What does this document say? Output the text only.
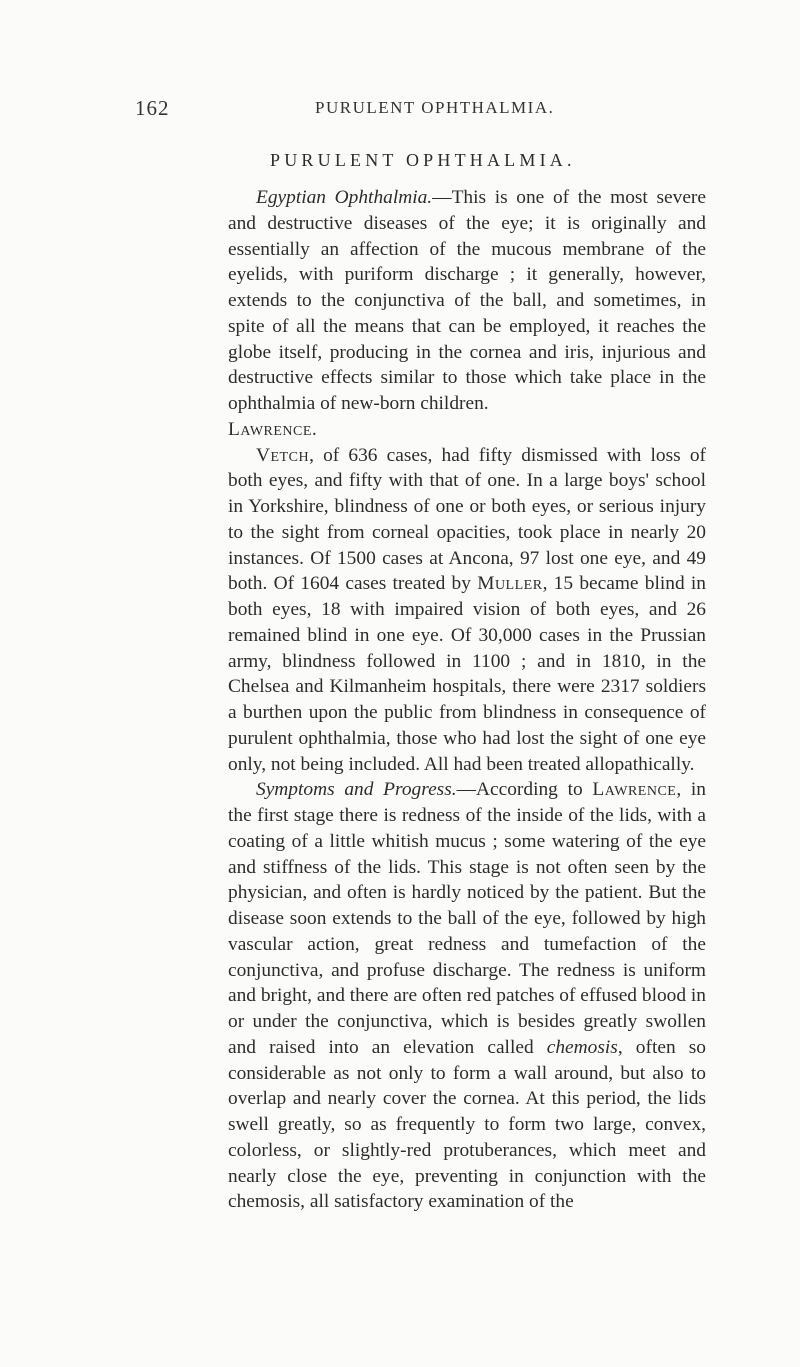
162	PURULENT OPHTHALMIA.
PURULENT OPHTHALMIA.

Egyptian Ophthalmia.—This is one of the most severe and destructive diseases of the eye; it is originally and essentially an affection of the mucous membrane of the eyelids, with puriform discharge ; it generally, however, extends to the conjunctiva of the ball, and sometimes, in spite of all the means that can be employed, it reaches the globe itself, producing in the cornea and iris, injurious and destructive effects similar to those which take place in the ophthalmia of new-born children.

Lawrence.

Vetch, of 636 cases, had fifty dismissed with loss of both eyes, and fifty with that of one. In a large boys' school in Yorkshire, blindness of one or both eyes, or serious injury to the sight from corneal opacities, took place in nearly 20 instances. Of 1500 cases at Ancona, 97 lost one eye, and 49 both. Of 1604 cases treated by Muller, 15 became blind in both eyes, 18 with impaired vision of both eyes, and 26 remained blind in one eye. Of 30,000 cases in the Prussian army, blindness followed in 1100 ; and in 1810, in the Chelsea and Kilmanheim hospitals, there were 2317 soldiers a burthen upon the public from blindness in consequence of purulent ophthalmia, those who had lost the sight of one eye only, not being included. All had been treated allopathically.

Symptoms and Progress.—According to Lawrence, in the first stage there is redness of the inside of the lids, with a coating of a little whitish mucus ; some watering of the eye and stiffness of the lids. This stage is not often seen by the physician, and often is hardly noticed by the patient. But the disease soon extends to the ball of the eye, followed by high vascular action, great redness and tumefaction of the conjunctiva, and profuse discharge. The redness is uniform and bright, and there are often red patches of effused blood in or under the conjunctiva, which is besides greatly swollen and raised into an elevation called chemosis, often so considerable as not only to form a wall around, but also to overlap and nearly cover the cornea. At this period, the lids swell greatly, so as frequently to form two large, convex, colorless, or slightly-red protuberances, which meet and nearly close the eye, preventing in conjunction with the chemosis, all satisfactory examination of the
